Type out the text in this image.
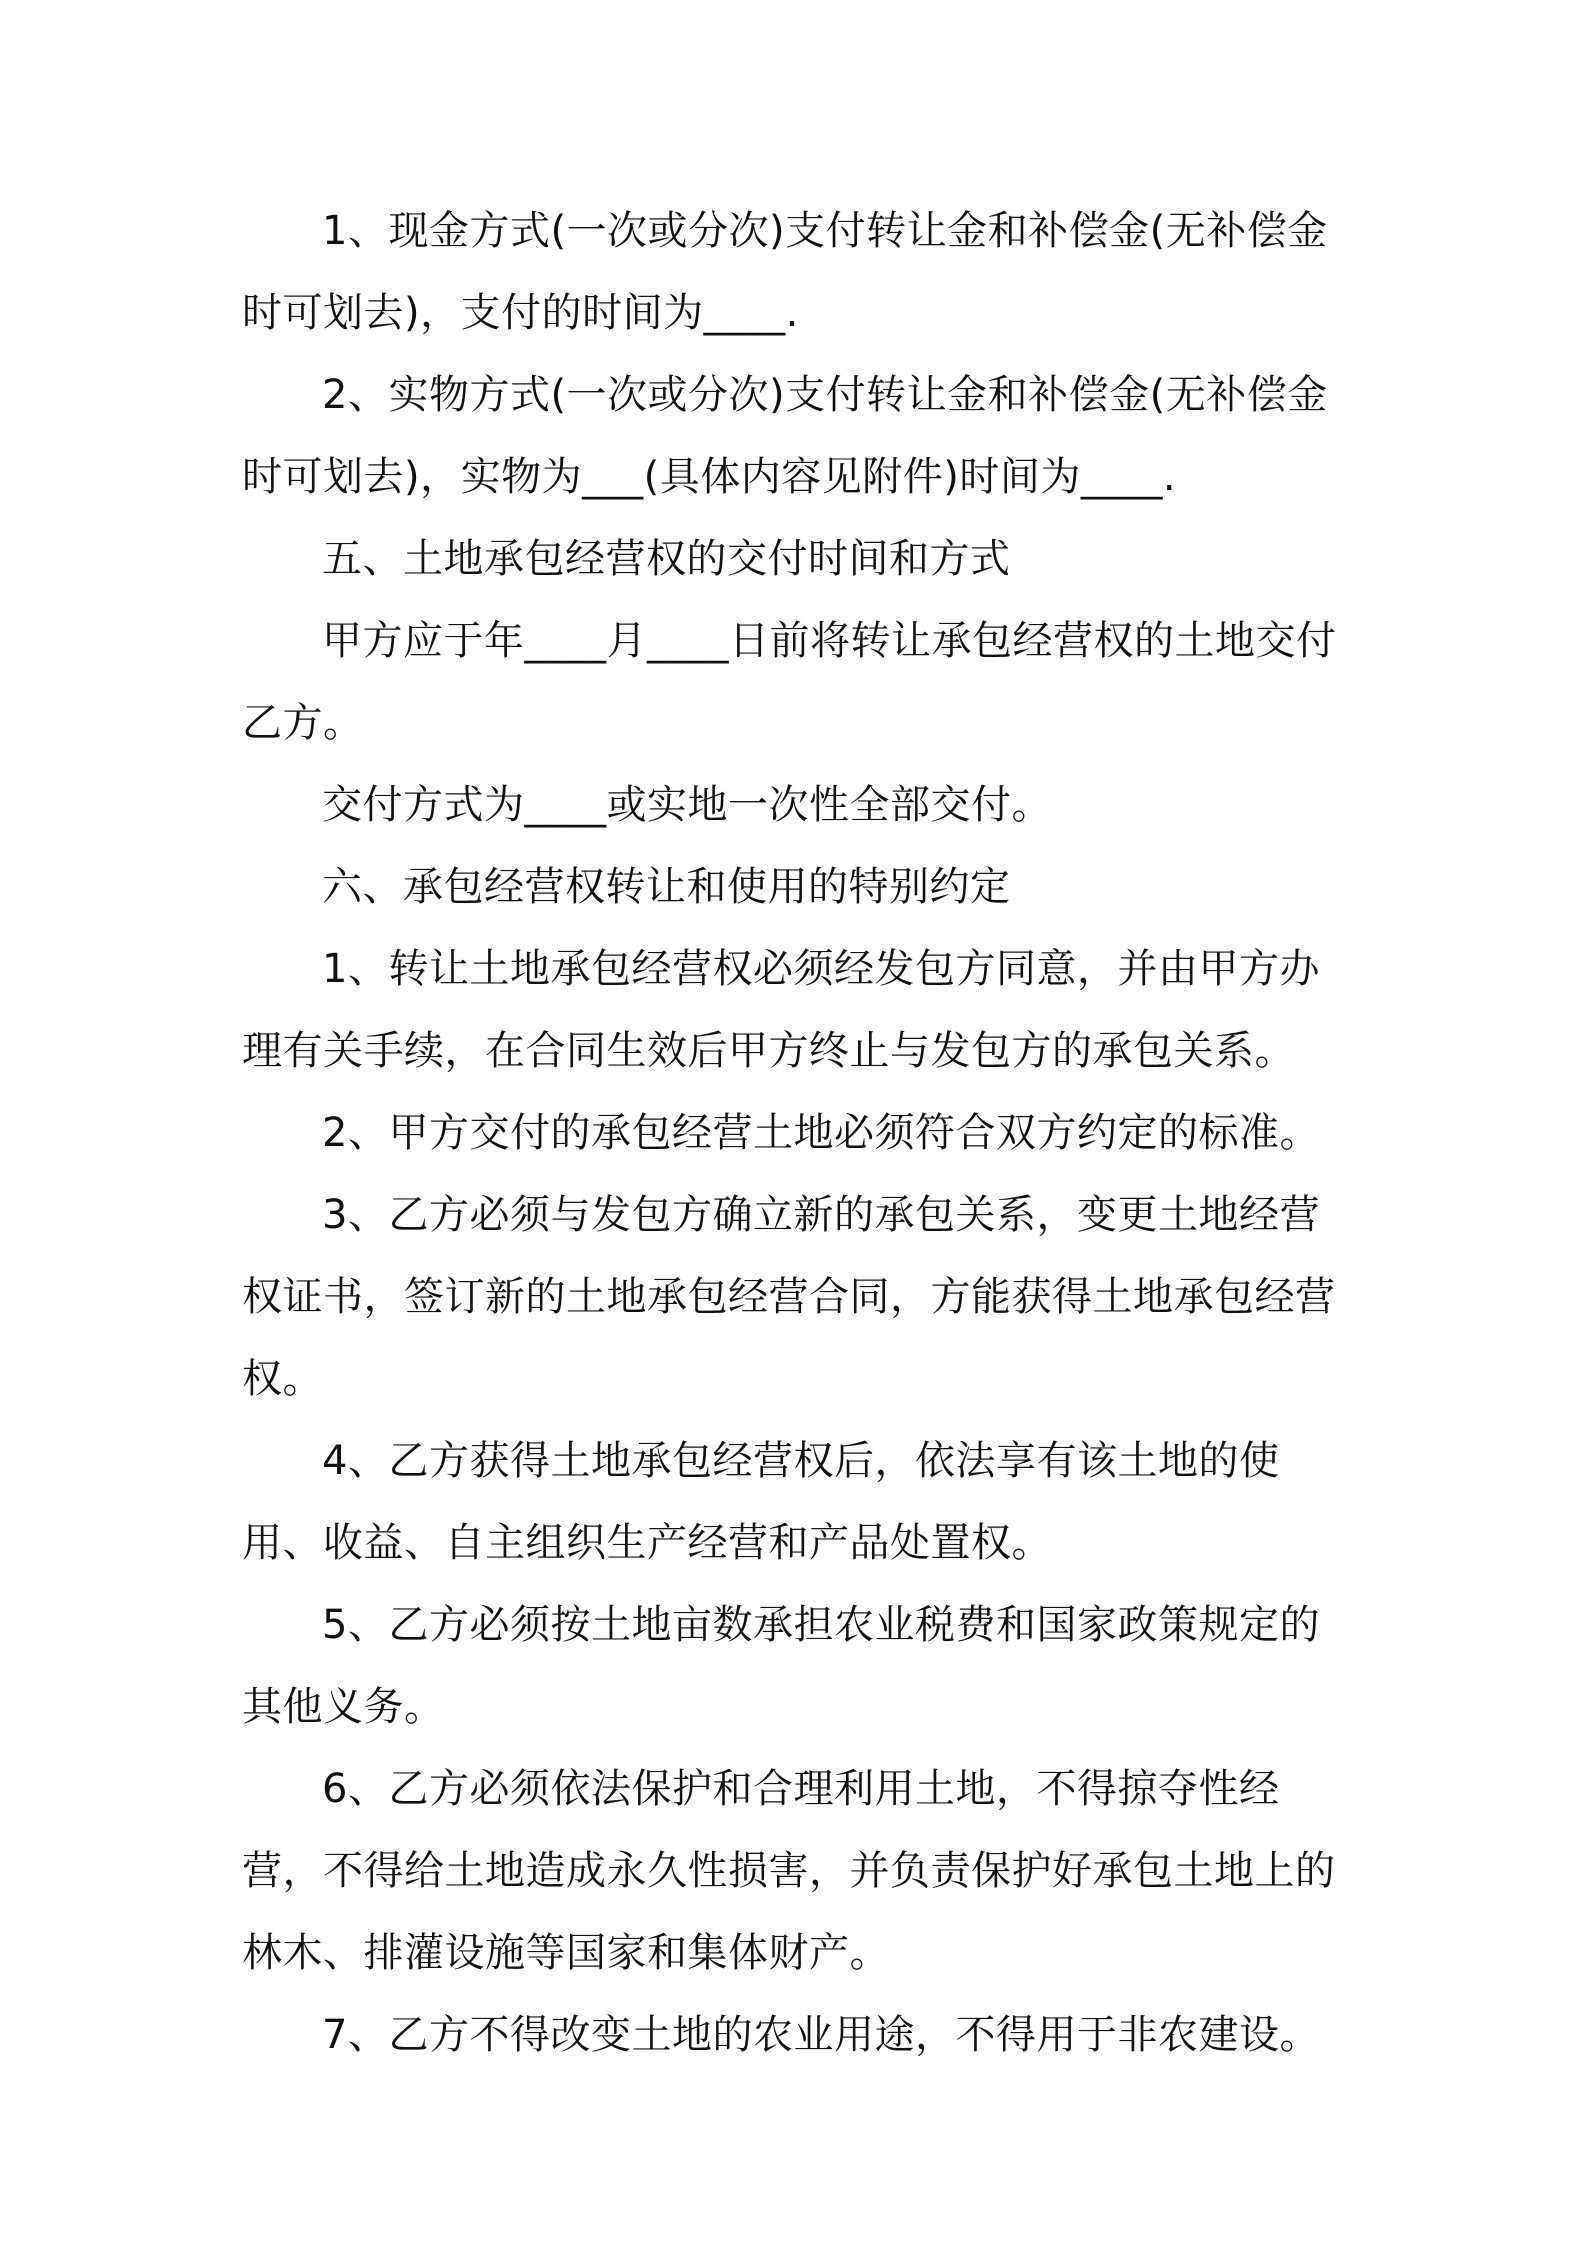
1、现金方式(一次或分次)支付转让金和补偿金(无补偿金时可划去)，支付的时间为____.

2、实物方式(一次或分次)支付转让金和补偿金(无补偿金时可划去)，实物为___(具体内容见附件)时间为____.

五、土地承包经营权的交付时间和方式

甲方应于年____月____日前将转让承包经营权的土地交付乙方。

交付方式为____或实地一次性全部交付。

六、承包经营权转让和使用的特别约定

1、转让土地承包经营权必须经发包方同意，并由甲方办理有关手续，在合同生效后甲方终止与发包方的承包关系。

2、甲方交付的承包经营土地必须符合双方约定的标准。

3、乙方必须与发包方确立新的承包关系，变更土地经营权证书，签订新的土地承包经营合同，方能获得土地承包经营权。

4、乙方获得土地承包经营权后，依法享有该土地的使用、收益、自主组织生产经营和产品处置权。

5、乙方必须按土地亩数承担农业税费和国家政策规定的其他义务。

6、乙方必须依法保护和合理利用土地，不得掠夺性经营，不得给土地造成永久性损害，并负责保护好承包土地上的林木、排灌设施等国家和集体财产。

7、乙方不得改变土地的农业用途，不得用于非农建设。
